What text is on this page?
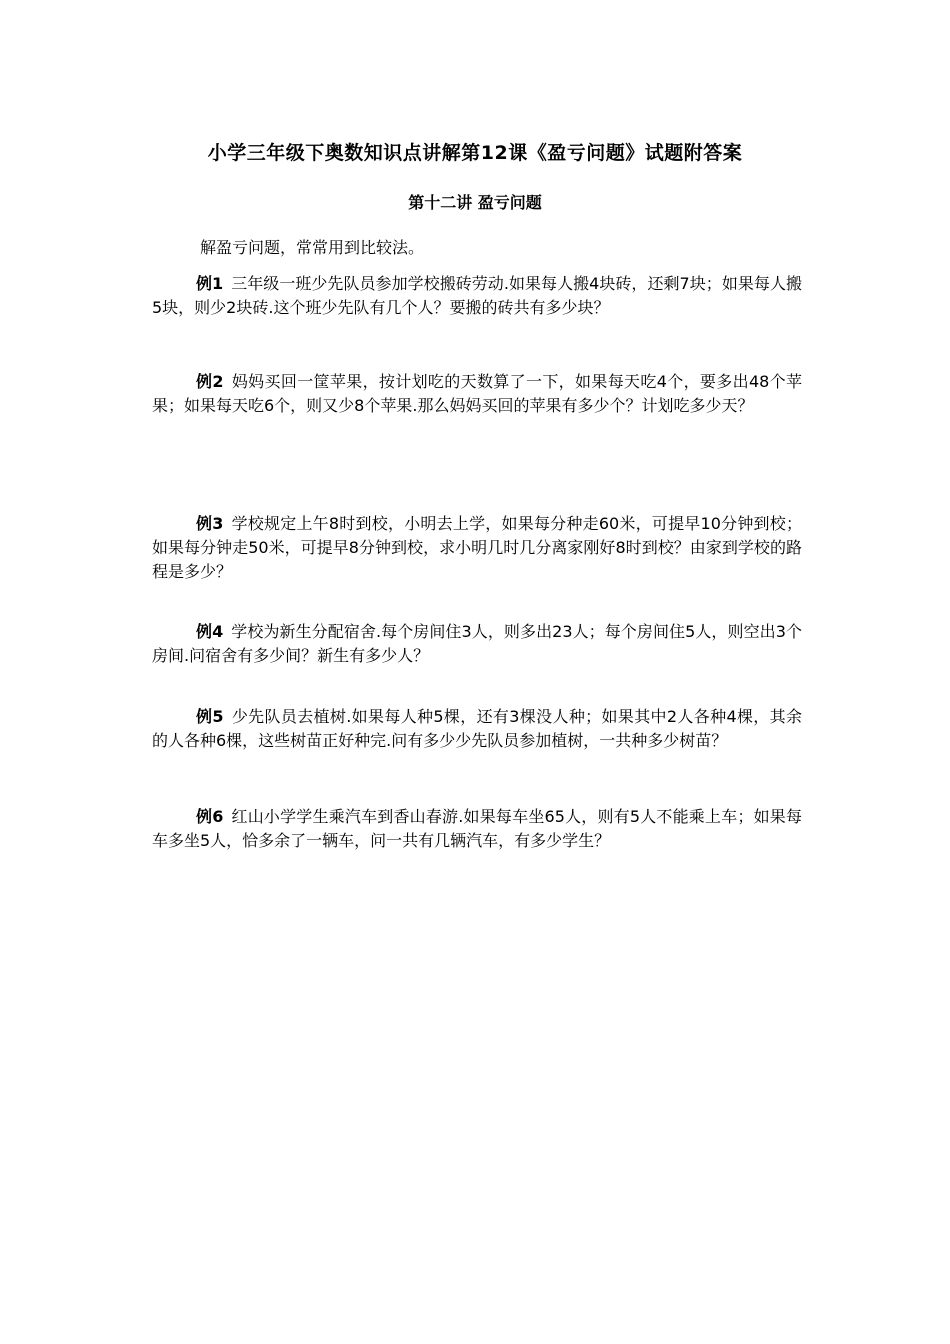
小学三年级下奥数知识点讲解第12课《盈亏问题》试题附答案
第十二讲 盈亏问题
解盈亏问题，常常用到比较法。
例1 三年级一班少先队员参加学校搬砖劳动.如果每人搬4块砖，还剩7块；如果每人搬5块，则少2块砖.这个班少先队有几个人？要搬的砖共有多少块？
例2 妈妈买回一筐苹果，按计划吃的天数算了一下，如果每天吃4个，要多出48个苹果；如果每天吃6个，则又少8个苹果.那么妈妈买回的苹果有多少个？计划吃多少天？
例3 学校规定上午8时到校，小明去上学，如果每分种走60米，可提早10分钟到校；如果每分钟走50米，可提早8分钟到校，求小明几时几分离家刚好8时到校？由家到学校的路程是多少？
例4 学校为新生分配宿舍.每个房间住3人，则多出23人；每个房间住5人，则空出3个房间.问宿舍有多少间？新生有多少人？
例5 少先队员去植树.如果每人种5棵，还有3棵没人种；如果其中2人各种4棵，其余的人各种6棵，这些树苗正好种完.问有多少少先队员参加植树，一共种多少树苗？
例6 红山小学学生乘汽车到香山春游.如果每车坐65人，则有5人不能乘上车；如果每车多坐5人，恰多余了一辆车，问一共有几辆汽车，有多少学生？
